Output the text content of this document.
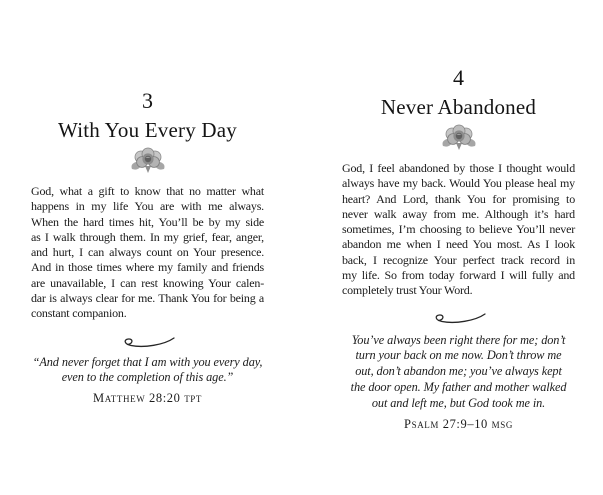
3
With You Every Day
God, what a gift to know that no matter what
happens in my life You are with me always.
When the hard times hit, You’ll be by my side
as I walk through them. In my grief, fear, anger,
and hurt, I can always count on Your presence.
And in those times where my family and friends
are unavailable, I can rest knowing Your calen-
dar is always clear for me. Thank You for being a
constant companion.
“And never forget that I am with you every day,
even to the completion of this age.”
Matthew 28:20 tpt
4
Never Abandoned
God, I feel abandoned by those I thought would
always have my back. Would You please heal my
heart? And Lord, thank You for promising to
never walk away from me. Although it’s hard
sometimes, I’m choosing to believe You’ll never
abandon me when I need You most. As I look
back, I recognize Your perfect track record in
my life. So from today forward I will fully and
completely trust Your Word.
You’ve always been right there for me; don’t
turn your back on me now. Don’t throw me
out, don’t abandon me; you’ve always kept
the door open. My father and mother walked
out and left me, but God took me in.
Psalm 27:9–10 msg
